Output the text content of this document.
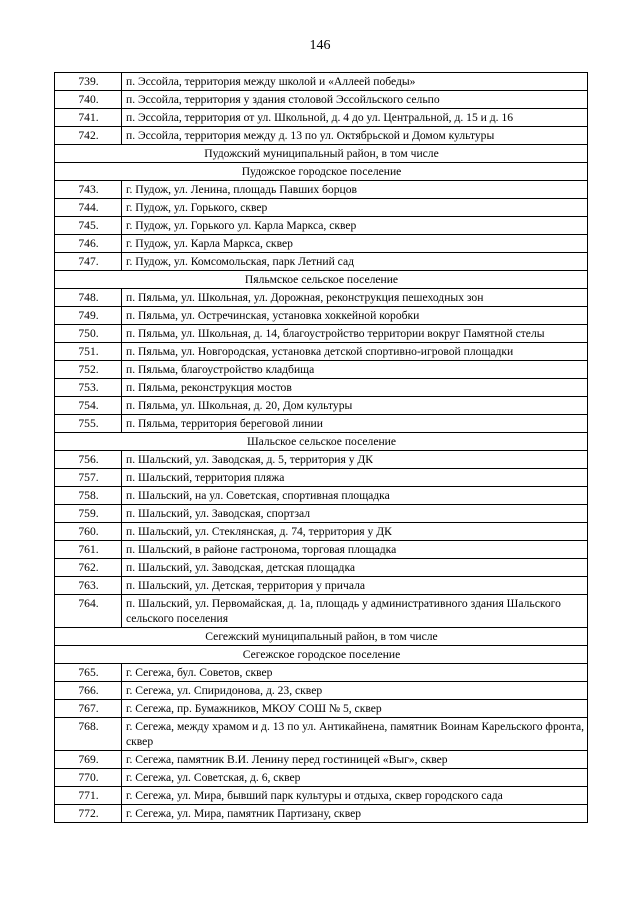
146
739.	п. Эссойла, территория между школой и «Аллеей победы»
740.	п. Эссойла, территория у здания столовой Эссойльского сельпо
741.	п. Эссойла, территория от ул. Школьной, д. 4 до ул. Центральной, д. 15 и д. 16
742.	п. Эссойла, территория между д. 13 по ул. Октябрьской и Домом культуры
Пудожский муниципальный район, в том числе	
Пудожское городское поселение	
743.	г. Пудож, ул. Ленина, площадь Павших борцов
744.	г. Пудож, ул. Горького, сквер
745.	г. Пудож, ул. Горького ул. Карла Маркса, сквер
746.	г. Пудож, ул. Карла Маркса, сквер
747.	г. Пудож, ул. Комсомольская, парк Летний сад
Пяльмское сельское поселение	
748.	п. Пяльма, ул. Школьная, ул. Дорожная, реконструкция пешеходных зон
749.	п. Пяльма, ул. Остречинская, установка хоккейной коробки
750.	п. Пяльма, ул. Школьная, д. 14, благоустройство территории вокруг Памятной стелы
751.	п. Пяльма, ул. Новгородская, установка детской спортивно-игровой площадки
752.	п. Пяльма, благоустройство кладбища
753.	п. Пяльма, реконструкция мостов
754.	п. Пяльма, ул. Школьная, д. 20, Дом культуры
755.	п. Пяльма, территория береговой линии
Шальское сельское поселение	
756.	п. Шальский, ул. Заводская, д. 5, территория у ДК
757.	п. Шальский, территория пляжа
758.	п. Шальский, на ул. Советская, спортивная площадка
759.	п. Шальский, ул. Заводская, спортзал
760.	п. Шальский, ул. Стеклянская, д. 74, территория у ДК
761.	п. Шальский, в районе гастронома, торговая площадка
762.	п. Шальский, ул. Заводская, детская площадка
763.	п. Шальский, ул. Детская, территория у причала
764.	п. Шальский, ул. Первомайская, д. 1а, площадь у административного здания Шальского сельского поселения
Сегежский муниципальный район, в том числе	
Сегежское городское поселение	
765.	г. Сегежа, бул. Советов, сквер
766.	г. Сегежа, ул. Спиридонова, д. 23, сквер
767.	г. Сегежа, пр. Бумажников, МКОУ СОШ № 5, сквер
768.	г. Сегежа, между храмом и д. 13 по ул. Антикайнена, памятник Воинам Карельского фронта, сквер
769.	г. Сегежа, памятник В.И. Ленину перед гостиницей «Выг», сквер
770.	г. Сегежа, ул. Советская, д. 6, сквер
771.	г. Сегежа, ул. Мира, бывший парк культуры и отдыха, сквер городского сада
772.	г. Сегежа, ул. Мира, памятник Партизану, сквер
